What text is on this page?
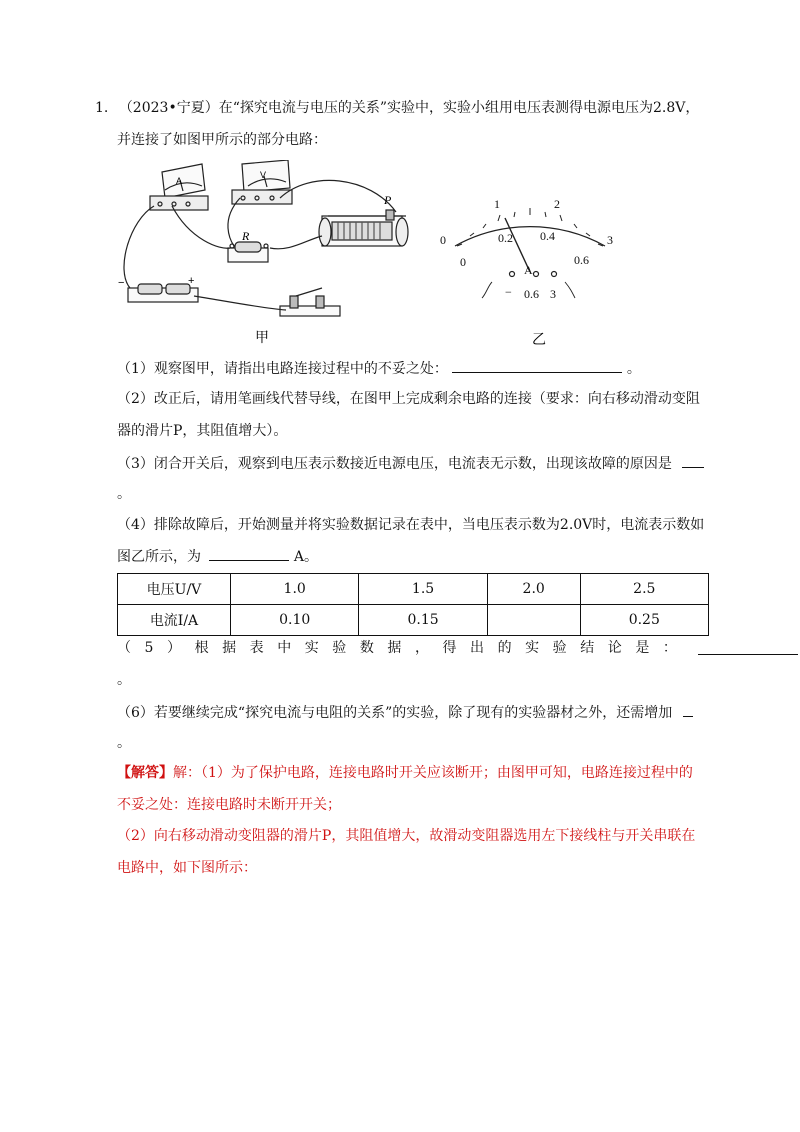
1. （2023•宁夏）在“探究电流与电压的关系”实验中，实验小组用电压表测得电源电压为2.8V，
并连接了如图甲所示的部分电路：
A
V
R
P
−	+
甲
0
1	2
3
0
0.2 0.4
0.6
A
− 0.6 3
乙
（1）观察图甲，请指出电路连接过程中的不妥之处：	。
（2）改正后，请用笔画线代替导线，在图甲上完成剩余电路的连接（要求：向右移动滑动变阻
器的滑片P，其阻值增大）。
（3）闭合开关后，观察到电压表示数接近电源电压，电流表无示数，出现该故障的原因是
。
（4）排除故障后，开始测量并将实验数据记录在表中，当电压表示数为2.0V时，电流表示数如
图乙所示，为	A。
电压U/V	1.0	1.5	2.0	2.5
电流I/A	0.10	0.15		0.25
（ 5 ） 根 据 表 中 实 验 数 据 ， 得 出 的 实 验 结 论 是 ：
。
（6）若要继续完成“探究电流与电阻的关系”的实验，除了现有的实验器材之外，还需增加
。
【解答】解：（1）为了保护电路，连接电路时开关应该断开；由图甲可知，电路连接过程中的
不妥之处：连接电路时未断开开关；
（2）向右移动滑动变阻器的滑片P，其阻值增大，故滑动变阻器选用左下接线柱与开关串联在
电路中，如下图所示：
